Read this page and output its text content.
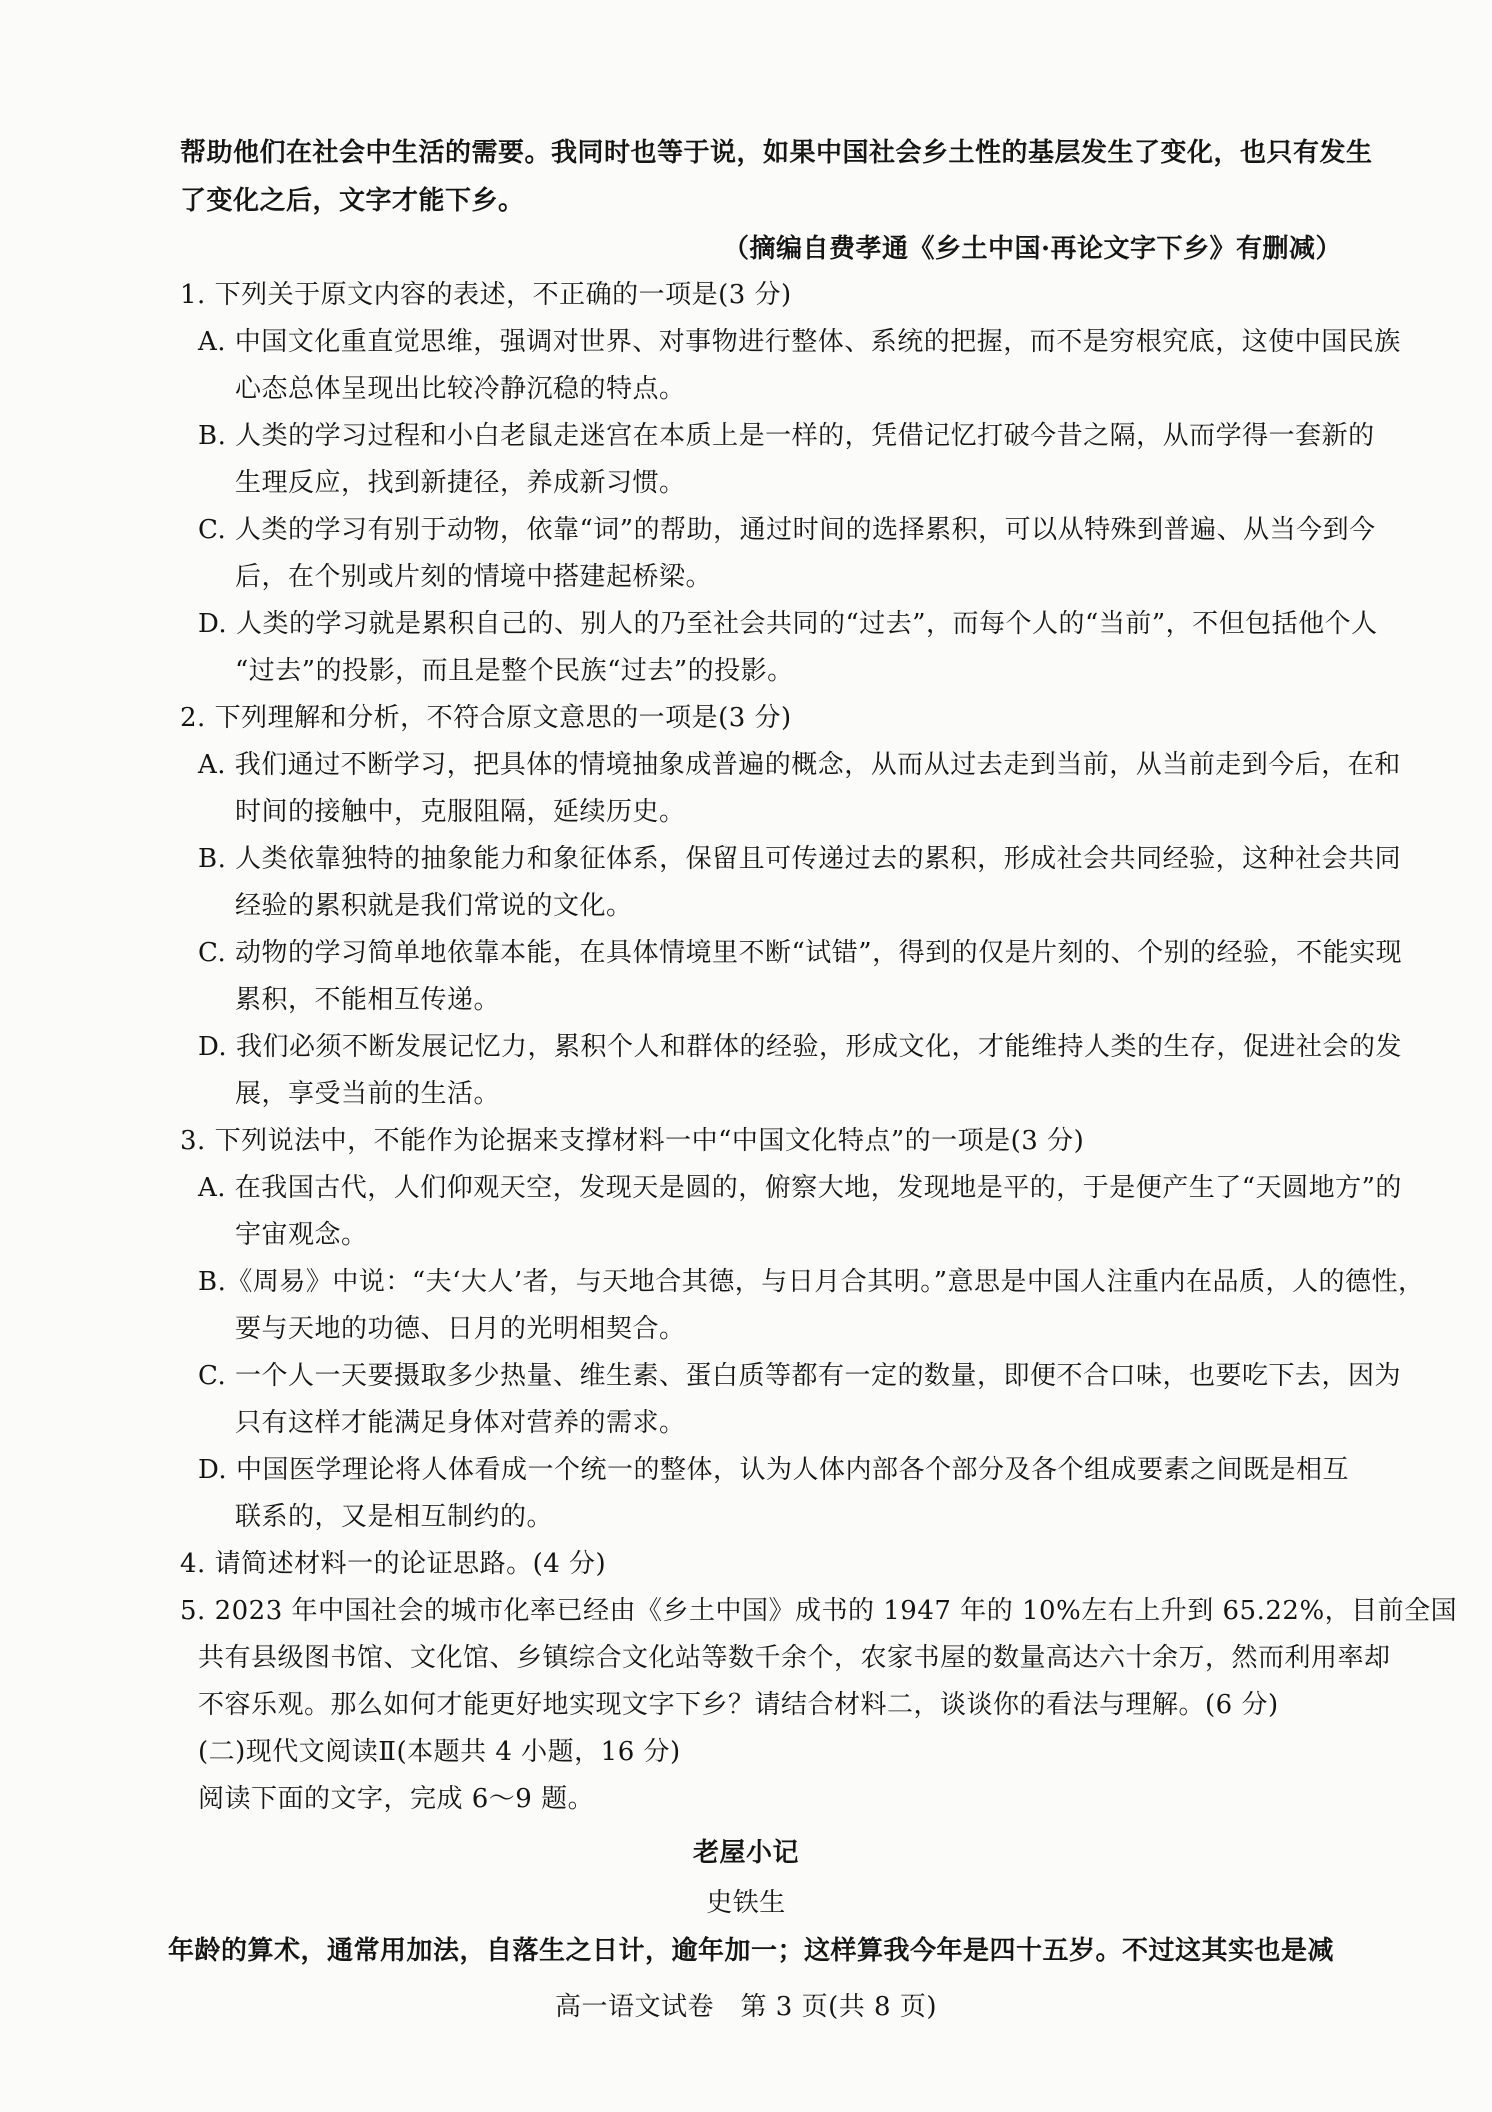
帮助他们在社会中生活的需要。我同时也等于说，如果中国社会乡土性的基层发生了变化，也只有发生
了变化之后，文字才能下乡。
（摘编自费孝通《乡土中国·再论文字下乡》有删减）
1. 下列关于原文内容的表述，不正确的一项是(3 分)
A. 中国文化重直觉思维，强调对世界、对事物进行整体、系统的把握，而不是穷根究底，这使中国民族
心态总体呈现出比较冷静沉稳的特点。
B. 人类的学习过程和小白老鼠走迷宫在本质上是一样的，凭借记忆打破今昔之隔，从而学得一套新的
生理反应，找到新捷径，养成新习惯。
C. 人类的学习有别于动物，依靠“词”的帮助，通过时间的选择累积，可以从特殊到普遍、从当今到今
后，在个别或片刻的情境中搭建起桥梁。
D. 人类的学习就是累积自己的、别人的乃至社会共同的“过去”，而每个人的“当前”，不但包括他个人
“过去”的投影，而且是整个民族“过去”的投影。
2. 下列理解和分析，不符合原文意思的一项是(3 分)
A. 我们通过不断学习，把具体的情境抽象成普遍的概念，从而从过去走到当前，从当前走到今后，在和
时间的接触中，克服阻隔，延续历史。
B. 人类依靠独特的抽象能力和象征体系，保留且可传递过去的累积，形成社会共同经验，这种社会共同
经验的累积就是我们常说的文化。
C. 动物的学习简单地依靠本能，在具体情境里不断“试错”，得到的仅是片刻的、个别的经验，不能实现
累积，不能相互传递。
D. 我们必须不断发展记忆力，累积个人和群体的经验，形成文化，才能维持人类的生存，促进社会的发
展，享受当前的生活。
3. 下列说法中，不能作为论据来支撑材料一中“中国文化特点”的一项是(3 分)
A. 在我国古代，人们仰观天空，发现天是圆的，俯察大地，发现地是平的，于是便产生了“天圆地方”的
宇宙观念。
B.《周易》中说：“夫‘大人’者，与天地合其德，与日月合其明。”意思是中国人注重内在品质，人的德性，
要与天地的功德、日月的光明相契合。
C. 一个人一天要摄取多少热量、维生素、蛋白质等都有一定的数量，即便不合口味，也要吃下去，因为
只有这样才能满足身体对营养的需求。
D. 中国医学理论将人体看成一个统一的整体，认为人体内部各个部分及各个组成要素之间既是相互
联系的，又是相互制约的。
4. 请简述材料一的论证思路。(4 分)
5. 2023 年中国社会的城市化率已经由《乡土中国》成书的 1947 年的 10%左右上升到 65.22%，目前全国
共有县级图书馆、文化馆、乡镇综合文化站等数千余个，农家书屋的数量高达六十余万，然而利用率却
不容乐观。那么如何才能更好地实现文字下乡？请结合材料二，谈谈你的看法与理解。(6 分)
(二)现代文阅读Ⅱ(本题共 4 小题，16 分)
阅读下面的文字，完成 6～9 题。
老屋小记
史铁生
年龄的算术，通常用加法，自落生之日计，逾年加一；这样算我今年是四十五岁。不过这其实也是减
高一语文试卷　第 3 页(共 8 页)
